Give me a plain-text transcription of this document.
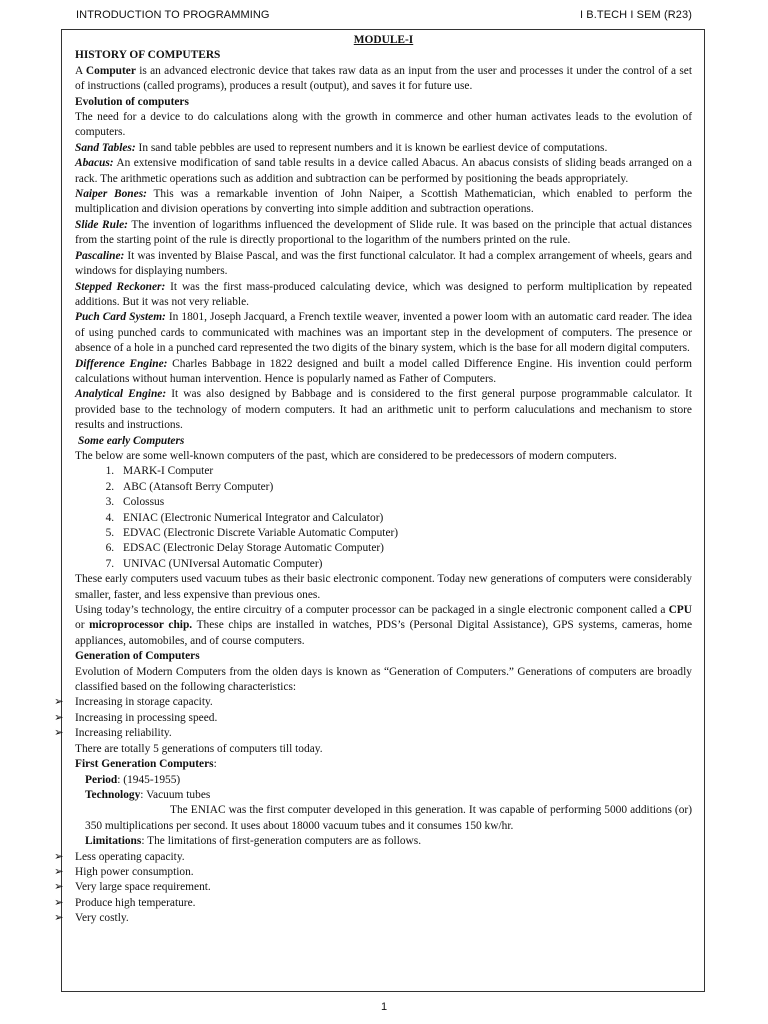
INTRODUCTION TO PROGRAMMING	I B.TECH I SEM (R23)

MODULE-I

HISTORY OF COMPUTERS

A Computer is an advanced electronic device that takes raw data as an input from the user and processes it under the control of a set of instructions (called programs), produces a result (output), and saves it for future use.

Evolution of computers

The need for a device to do calculations along with the growth in commerce and other human activates leads to the evolution of computers.

Sand Tables: In sand table pebbles are used to represent numbers and it is known be earliest device of computations.

Abacus: An extensive modification of sand table results in a device called Abacus. An abacus consists of sliding beads arranged on a rack. The arithmetic operations such as addition and subtraction can be performed by positioning the beads appropriately.

Naiper Bones: This was a remarkable invention of John Naiper, a Scottish Mathematician, which enabled to perform the multiplication and division operations by converting into simple addition and subtraction operations.

Slide Rule: The invention of logarithms influenced the development of Slide rule. It was based on the principle that actual distances from the starting point of the rule is directly proportional to the logarithm of the numbers printed on the rule.

Pascaline: It was invented by Blaise Pascal, and was the first functional calculator. It had a complex arrangement of wheels, gears and windows for displaying numbers.

Stepped Reckoner: It was the first mass-produced calculating device, which was designed to perform multiplication by repeated additions. But it was not very reliable.

Puch Card System: In 1801, Joseph Jacquard, a French textile weaver, invented a power loom with an automatic card reader. The idea of using punched cards to communicated with machines was an important step in the development of computers. The presence or absence of a hole in a punched card represented the two digits of the binary system, which is the base for all modern digital computers.

Difference Engine: Charles Babbage in 1822 designed and built a model called Difference Engine. His invention could perform calculations without human intervention. Hence is popularly named as Father of Computers.

Analytical Engine: It was also designed by Babbage and is considered to the first general purpose programmable calculator. It provided base to the technology of modern computers. It had an arithmetic unit to perform caluculations and mechanism to store results and instructions.

Some early Computers

The below are some well-known computers of the past, which are considered to be predecessors of modern computers.

1. MARK-I Computer
2. ABC (Atansoft Berry Computer)
3. Colossus
4. ENIAC (Electronic Numerical Integrator and Calculator)
5. EDVAC (Electronic Discrete Variable Automatic Computer)
6. EDSAC (Electronic Delay Storage Automatic Computer)
7. UNIVAC (UNIversal Automatic Computer)

These early computers used vacuum tubes as their basic electronic component. Today new generations of computers were considerably smaller, faster, and less expensive than previous ones.

Using today’s technology, the entire circuitry of a computer processor can be packaged in a single electronic component called a CPU or microprocessor chip. These chips are installed in watches, PDS’s (Personal Digital Assistance), GPS systems, cameras, home appliances, automobiles, and of course computers.

Generation of Computers

Evolution of Modern Computers from the olden days is known as “Generation of Computers.” Generations of computers are broadly classified based on the following characteristics:

➢ Increasing in storage capacity.
➢ Increasing in processing speed.
➢ Increasing reliability.

There are totally 5 generations of computers till today.

First Generation Computers:

Period: (1945-1955)

Technology: Vacuum tubes

The ENIAC was the first computer developed in this generation. It was capable of performing 5000 additions (or) 350 multiplications per second. It uses about 18000 vacuum tubes and it consumes 150 kw/hr.

Limitations: The limitations of first-generation computers are as follows.

➢ Less operating capacity.
➢ High power consumption.
➢ Very large space requirement.
➢ Produce high temperature.
➢ Very costly.
1
